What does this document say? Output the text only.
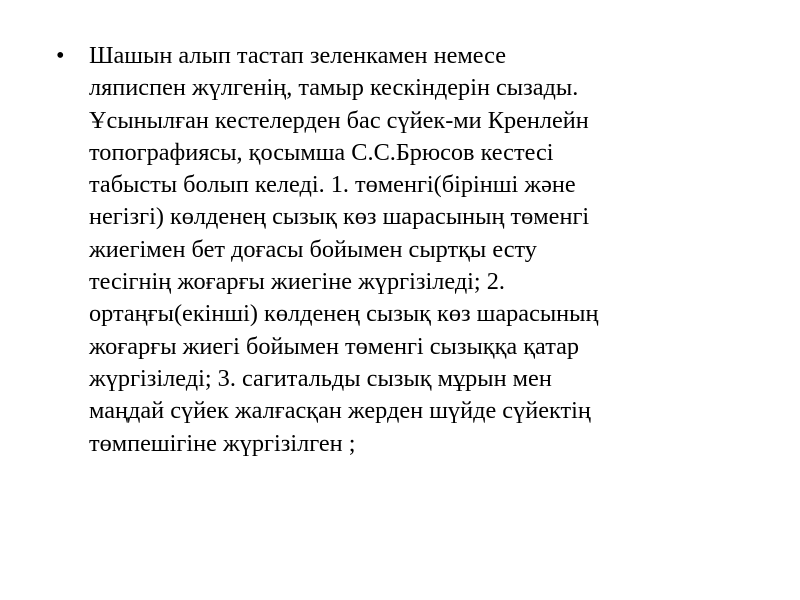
• Шашын алып тастап зеленкамен немесе
ляписпен жүлгенің, тамыр кескіндерін сызады.
Ұсынылған кестелерден бас сүйек-ми Кренлейн
топографиясы, қосымша С.С.Брюсов кестесі
табысты болып келеді. 1. төменгі(бірінші және
негізгі) көлденең сызық көз шарасының төменгі
жиегімен бет доғасы бойымен сыртқы есту
тесігнің жоғарғы жиегіне жүргізіледі; 2.
ортаңғы(екінші) көлденең сызық көз шарасының
жоғарғы жиегі бойымен төменгі сызыққа қатар
жүргізіледі; 3. сагитальды сызық мұрын мен
маңдай сүйек жалғасқан жерден шүйде сүйектің
төмпешігіне жүргізілген ;
